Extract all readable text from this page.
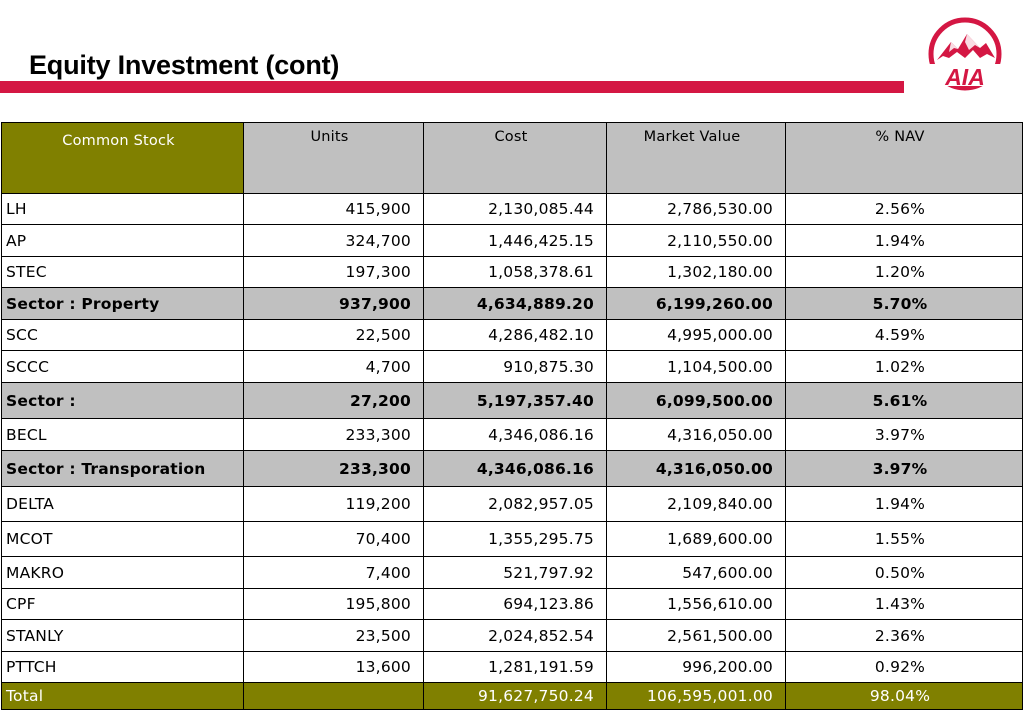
Equity Investment (cont)	AIA
Common Stock	Units	Cost	Market Value	% NAV
LH	415,900	2,130,085.44	2,786,530.00	2.56%
AP	324,700	1,446,425.15	2,110,550.00	1.94%
STEC	197,300	1,058,378.61	1,302,180.00	1.20%
Sector : Property	937,900	4,634,889.20	6,199,260.00	5.70%
SCC	22,500	4,286,482.10	4,995,000.00	4.59%
SCCC	4,700	910,875.30	1,104,500.00	1.02%
Sector :	27,200	5,197,357.40	6,099,500.00	5.61%
BECL	233,300	4,346,086.16	4,316,050.00	3.97%
Sector : Transporation	233,300	4,346,086.16	4,316,050.00	3.97%
DELTA	119,200	2,082,957.05	2,109,840.00	1.94%
MCOT	70,400	1,355,295.75	1,689,600.00	1.55%
MAKRO	7,400	521,797.92	547,600.00	0.50%
CPF	195,800	694,123.86	1,556,610.00	1.43%
STANLY	23,500	2,024,852.54	2,561,500.00	2.36%
PTTCH	13,600	1,281,191.59	996,200.00	0.92%
Total		91,627,750.24	106,595,001.00	98.04%
